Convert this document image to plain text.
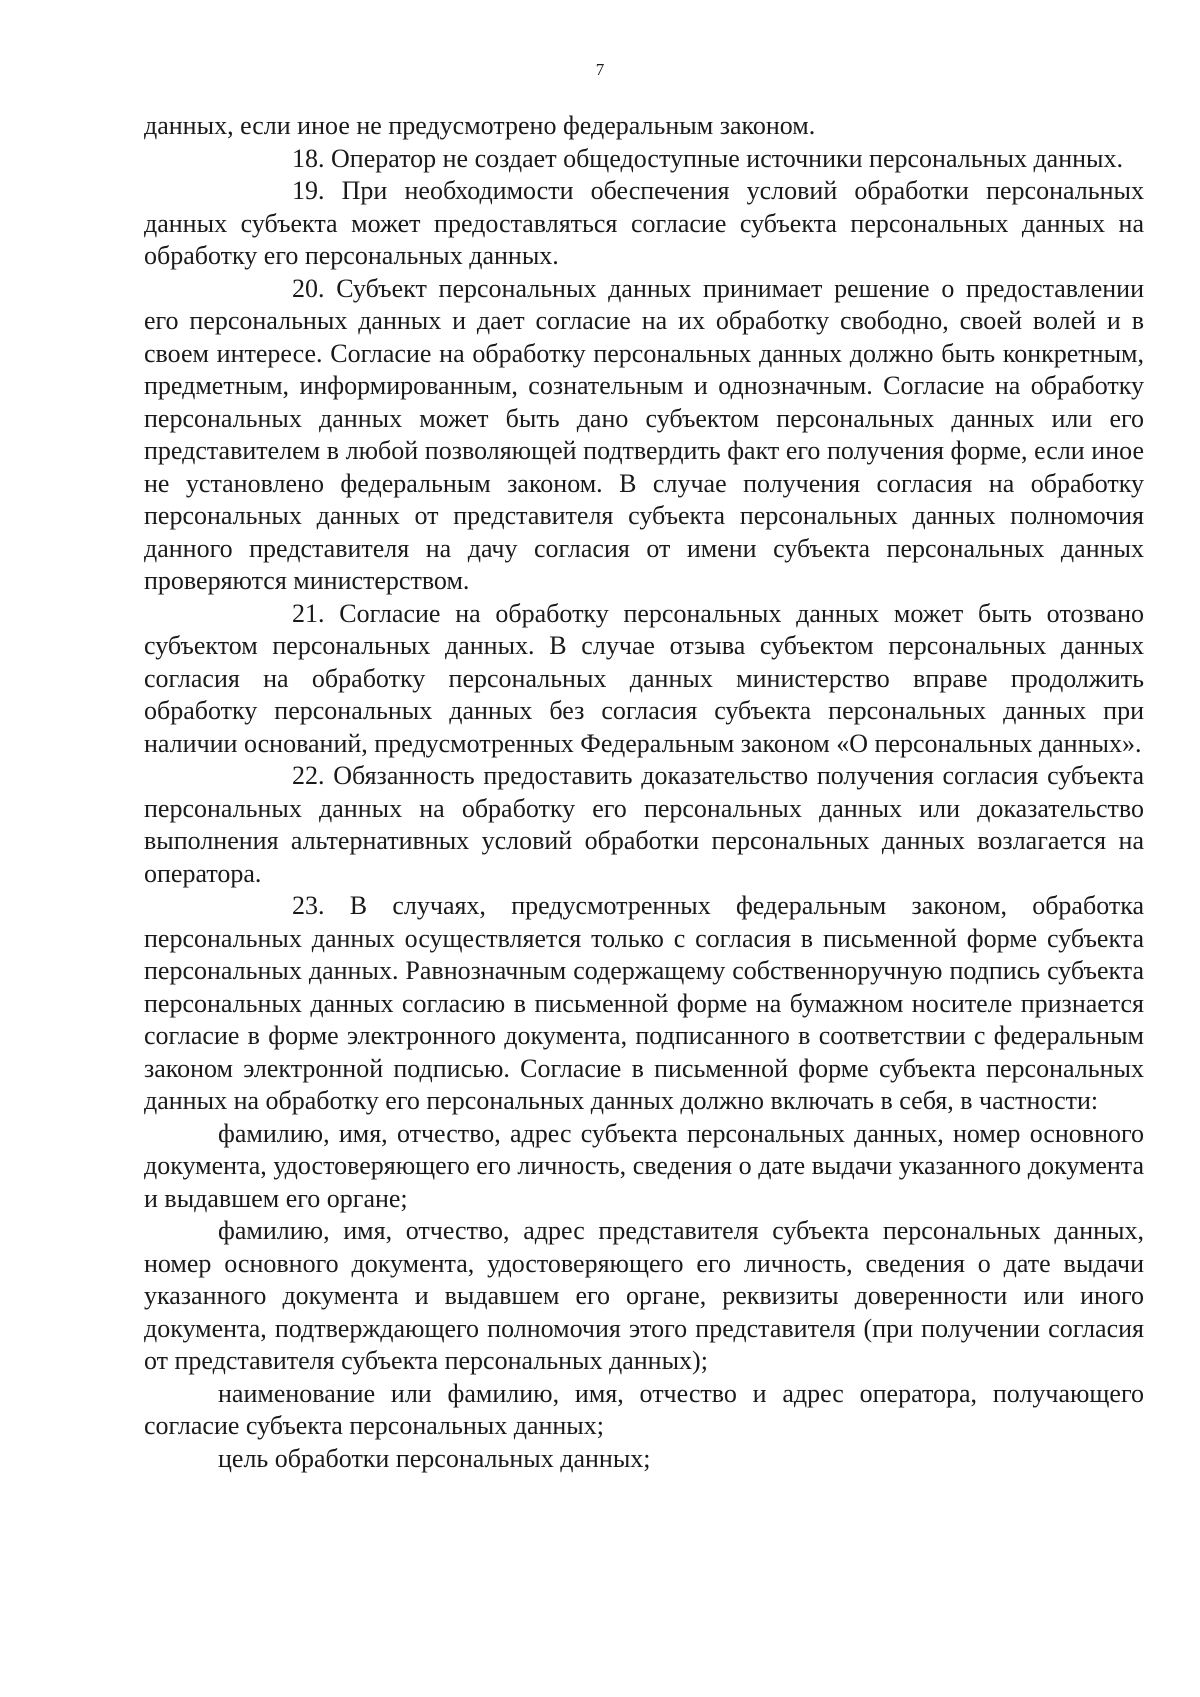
7

данных, если иное не предусмотрено федеральным законом.

18. Оператор не создает общедоступные источники персональных данных.

19. При необходимости обеспечения условий обработки персональных данных субъекта может предоставляться согласие субъекта персональных данных на обработку его персональных данных.

20. Субъект персональных данных принимает решение о предоставлении его персональных данных и дает согласие на их обработку свободно, своей волей и в своем интересе. Согласие на обработку персональных данных должно быть конкретным, предметным, информированным, сознательным и однозначным. Согласие на обработку персональных данных может быть дано субъектом персональных данных или его представителем в любой позволяющей подтвердить факт его получения форме, если иное не установлено федеральным законом. В случае получения согласия на обработку персональных данных от представителя субъекта персональных данных полномочия данного представителя на дачу согласия от имени субъекта персональных данных проверяются министерством.

21. Согласие на обработку персональных данных может быть отозвано субъектом персональных данных. В случае отзыва субъектом персональных данных согласия на обработку персональных данных министерство вправе продолжить обработку персональных данных без согласия субъекта персональных данных при наличии оснований, предусмотренных Федеральным законом «О персональных данных».

22. Обязанность предоставить доказательство получения согласия субъекта персональных данных на обработку его персональных данных или доказательство выполнения альтернативных условий обработки персональных данных возлагается на оператора.

23. В случаях, предусмотренных федеральным законом, обработка персональных данных осуществляется только с согласия в письменной форме субъекта персональных данных. Равнозначным содержащему собственноручную подпись субъекта персональных данных согласию в письменной форме на бумажном носителе признается согласие в форме электронного документа, подписанного в соответствии с федеральным законом электронной подписью. Согласие в письменной форме субъекта персональных данных на обработку его персональных данных должно включать в себя, в частности:

фамилию, имя, отчество, адрес субъекта персональных данных, номер основного документа, удостоверяющего его личность, сведения о дате выдачи указанного документа и выдавшем его органе;

фамилию, имя, отчество, адрес представителя субъекта персональных данных, номер основного документа, удостоверяющего его личность, сведения о дате выдачи указанного документа и выдавшем его органе, реквизиты доверенности или иного документа, подтверждающего полномочия этого представителя (при получении согласия от представителя субъекта персональных данных);

наименование или фамилию, имя, отчество и адрес оператора, получающего согласие субъекта персональных данных;

цель обработки персональных данных;
